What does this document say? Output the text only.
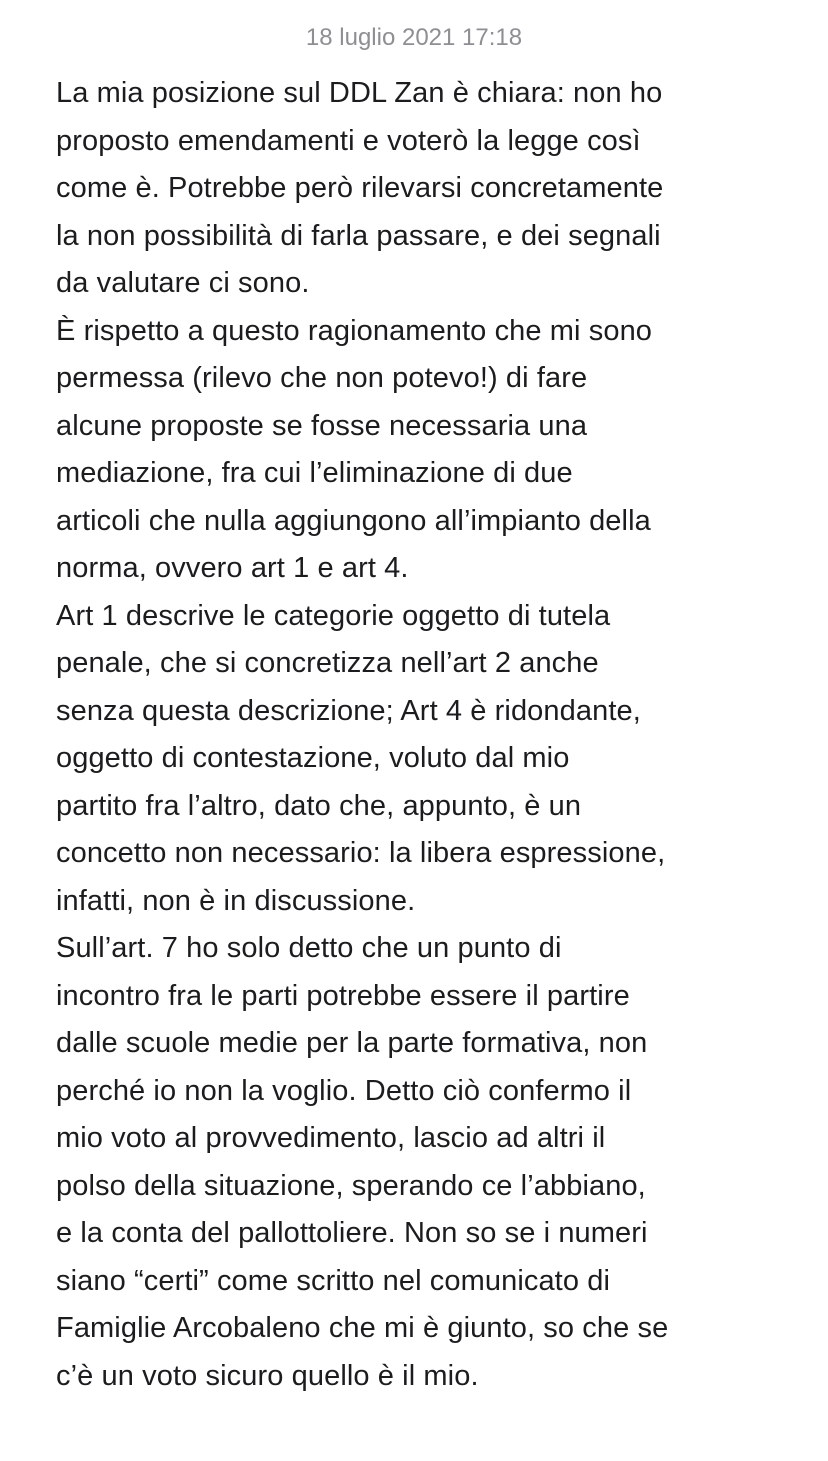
18 luglio 2021 17:18
La mia posizione sul DDL Zan è chiara: non ho
proposto emendamenti e voterò la legge così
come è. Potrebbe però rilevarsi concretamente
la non possibilità di farla passare, e dei segnali
da valutare ci sono.
È rispetto a questo ragionamento che mi sono
permessa (rilevo che non potevo!) di fare
alcune proposte se fosse necessaria una
mediazione, fra cui l’eliminazione di due
articoli che nulla aggiungono all’impianto della
norma, ovvero art 1 e art 4.
Art 1 descrive le categorie oggetto di tutela
penale, che si concretizza nell’art 2 anche
senza questa descrizione; Art 4 è ridondante,
oggetto di contestazione, voluto dal mio
partito fra l’altro, dato che, appunto, è un
concetto non necessario: la libera espressione,
infatti, non è in discussione.
Sull’art. 7 ho solo detto che un punto di
incontro fra le parti potrebbe essere il partire
dalle scuole medie per la parte formativa, non
perché io non la voglio. Detto ciò confermo il
mio voto al provvedimento, lascio ad altri il
polso della situazione, sperando ce l’abbiano,
e la conta del pallottoliere. Non so se i numeri
siano “certi” come scritto nel comunicato di
Famiglie Arcobaleno che mi è giunto, so che se
c’è un voto sicuro quello è il mio.
